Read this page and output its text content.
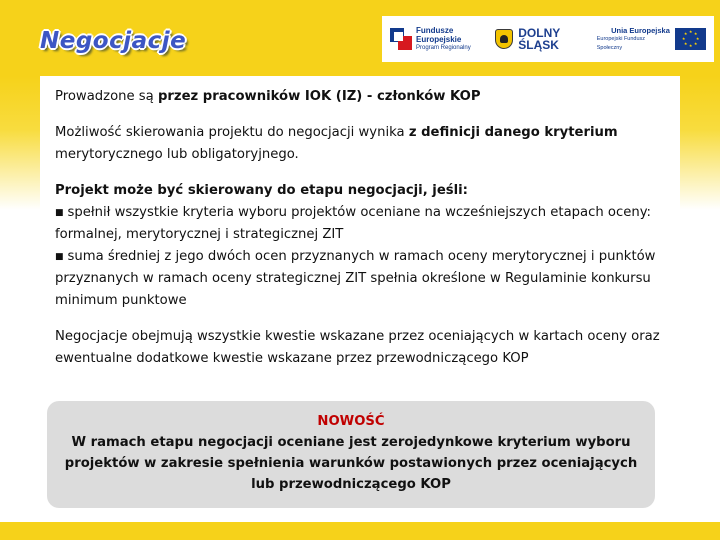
Negocjacje	Fundusze
Europejskie
Program Regionalny
DOLNY
ŚLĄSK
Unia Europejska
Europejski Fundusz Społeczny
★ ★
★
★
★
★
★
★
Prowadzone są przez pracowników IOK (IZ) - członków KOP
Możliwość skierowania projektu do negocjacji wynika z definicji danego kryterium merytorycznego lub obligatoryjnego.
Projekt może być skierowany do etapu negocjacji, jeśli:
■ spełnił wszystkie kryteria wyboru projektów oceniane na wcześniejszych etapach oceny: formalnej, merytorycznej i strategicznej ZIT
■ suma średniej z jego dwóch ocen przyznanych w ramach oceny merytorycznej i punktów przyznanych w ramach oceny strategicznej ZIT spełnia określone w Regulaminie konkursu minimum punktowe
Negocjacje obejmują wszystkie kwestie wskazane przez oceniających w kartach oceny oraz ewentualne dodatkowe kwestie wskazane przez przewodniczącego KOP
NOWOŚĆ
W ramach etapu negocjacji oceniane jest zerojedynkowe kryterium wyboru projektów w zakresie spełnienia warunków postawionych przez oceniających lub przewodniczącego KOP
